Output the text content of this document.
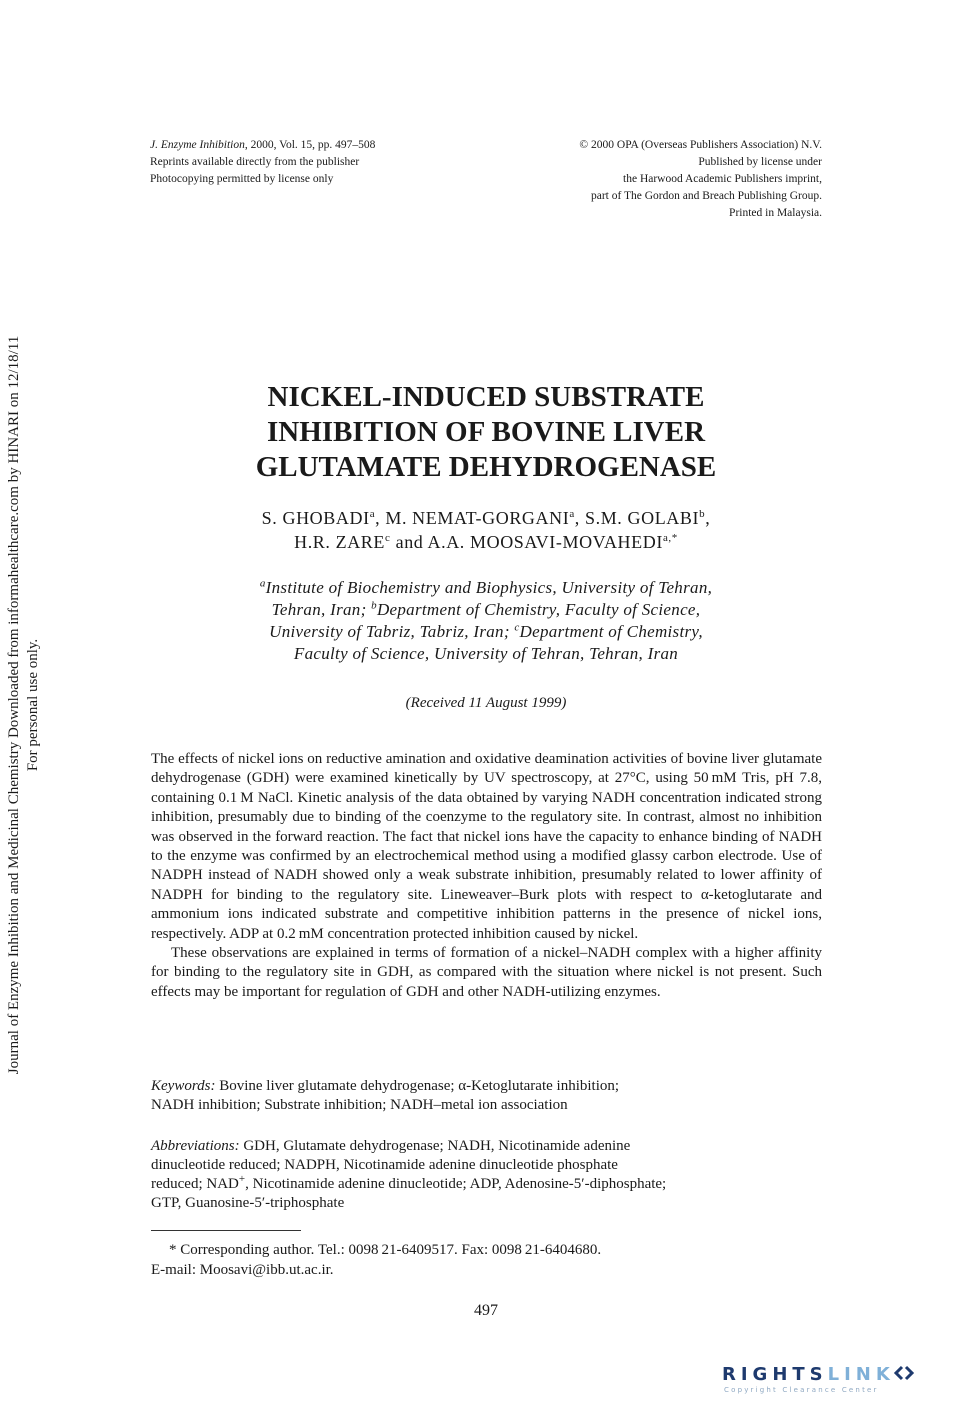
J. Enzyme Inhibition, 2000, Vol. 15, pp. 497–508
Reprints available directly from the publisher
Photocopying permitted by license only
© 2000 OPA (Overseas Publishers Association) N.V.
Published by license under
the Harwood Academic Publishers imprint,
part of The Gordon and Breach Publishing Group.
Printed in Malaysia.
Journal of Enzyme Inhibition and Medicinal Chemistry Downloaded from informahealthcare.com by HINARI on 12/18/11 For personal use only.
NICKEL-INDUCED SUBSTRATE
INHIBITION OF BOVINE LIVER
GLUTAMATE DEHYDROGENASE
S. GHOBADI$^a$, M. NEMAT-GORGANI$^a$, S.M. GOLABI$^b$,
H.R. ZARE$^c$ and A.A. MOOSAVI-$MOVAHEDI^{a,*}$
$^a$Institute of Biochemistry and Biophysics, University of Tehran,
Tehran, Iran; $^b$Department of Chemistry, Faculty of Science,
University of Tabriz, Tabriz, Iran; $^c$Department of Chemistry,
Faculty of Science, University of Tehran, Tehran, Iran
(Received 11 August 1999)

The effects of nickel ions on reductive amination and oxidative deamination activities of bovine liver glutamate dehydrogenase (GDH) were examined kinetically by UV spectroscopy, at 27°C, using 50 mM Tris, pH 7.8, containing 0.1 M NaCl. Kinetic analysis of the data obtained by varying NADH concentration indicated strong inhibition, presumably due to binding of the coenzyme to the regulatory site. In contrast, almost no inhibition was observed in the forward reaction. The fact that nickel ions have the capacity to enhance binding of NADH to the enzyme was confirmed by an electrochemical method using a modified glassy carbon electrode. Use of NADPH instead of NADH showed only a weak substrate inhibition, presumably related to lower affinity of NADPH for binding to the regulatory site. Lineweaver–Burk plots with respect to α-ketoglutarate and ammonium ions indicated substrate and competitive inhibition patterns in the presence of nickel ions, respectively. ADP at 0.2 mM concentration protected inhibition caused by nickel.

These observations are explained in terms of formation of a nickel–NADH complex with a higher affinity for binding to the regulatory site in GDH, as compared with the situation where nickel is not present. Such effects may be important for regulation of GDH and other NADH-utilizing enzymes.

Keywords: Bovine liver glutamate dehydrogenase; α-Ketoglutarate inhibition;
NADH inhibition; Substrate inhibition; NADH–metal ion association
Abbreviations: GDH, Glutamate dehydrogenase; NADH, Nicotinamide adenine
dinucleotide reduced; NADPH, Nicotinamide adenine dinucleotide phosphate
reduced; NAD+, Nicotinamide adenine dinucleotide; ADP, Adenosine-5′-diphosphate;
GTP, Guanosine-5′-triphosphate
* Corresponding author. Tel.: 0098 21-6409517. Fax: 0098 21-6404680.
E-mail: Moosavi@ibb.ut.ac.ir.
497
RIGHTSLINK
Copyright Clearance Center
